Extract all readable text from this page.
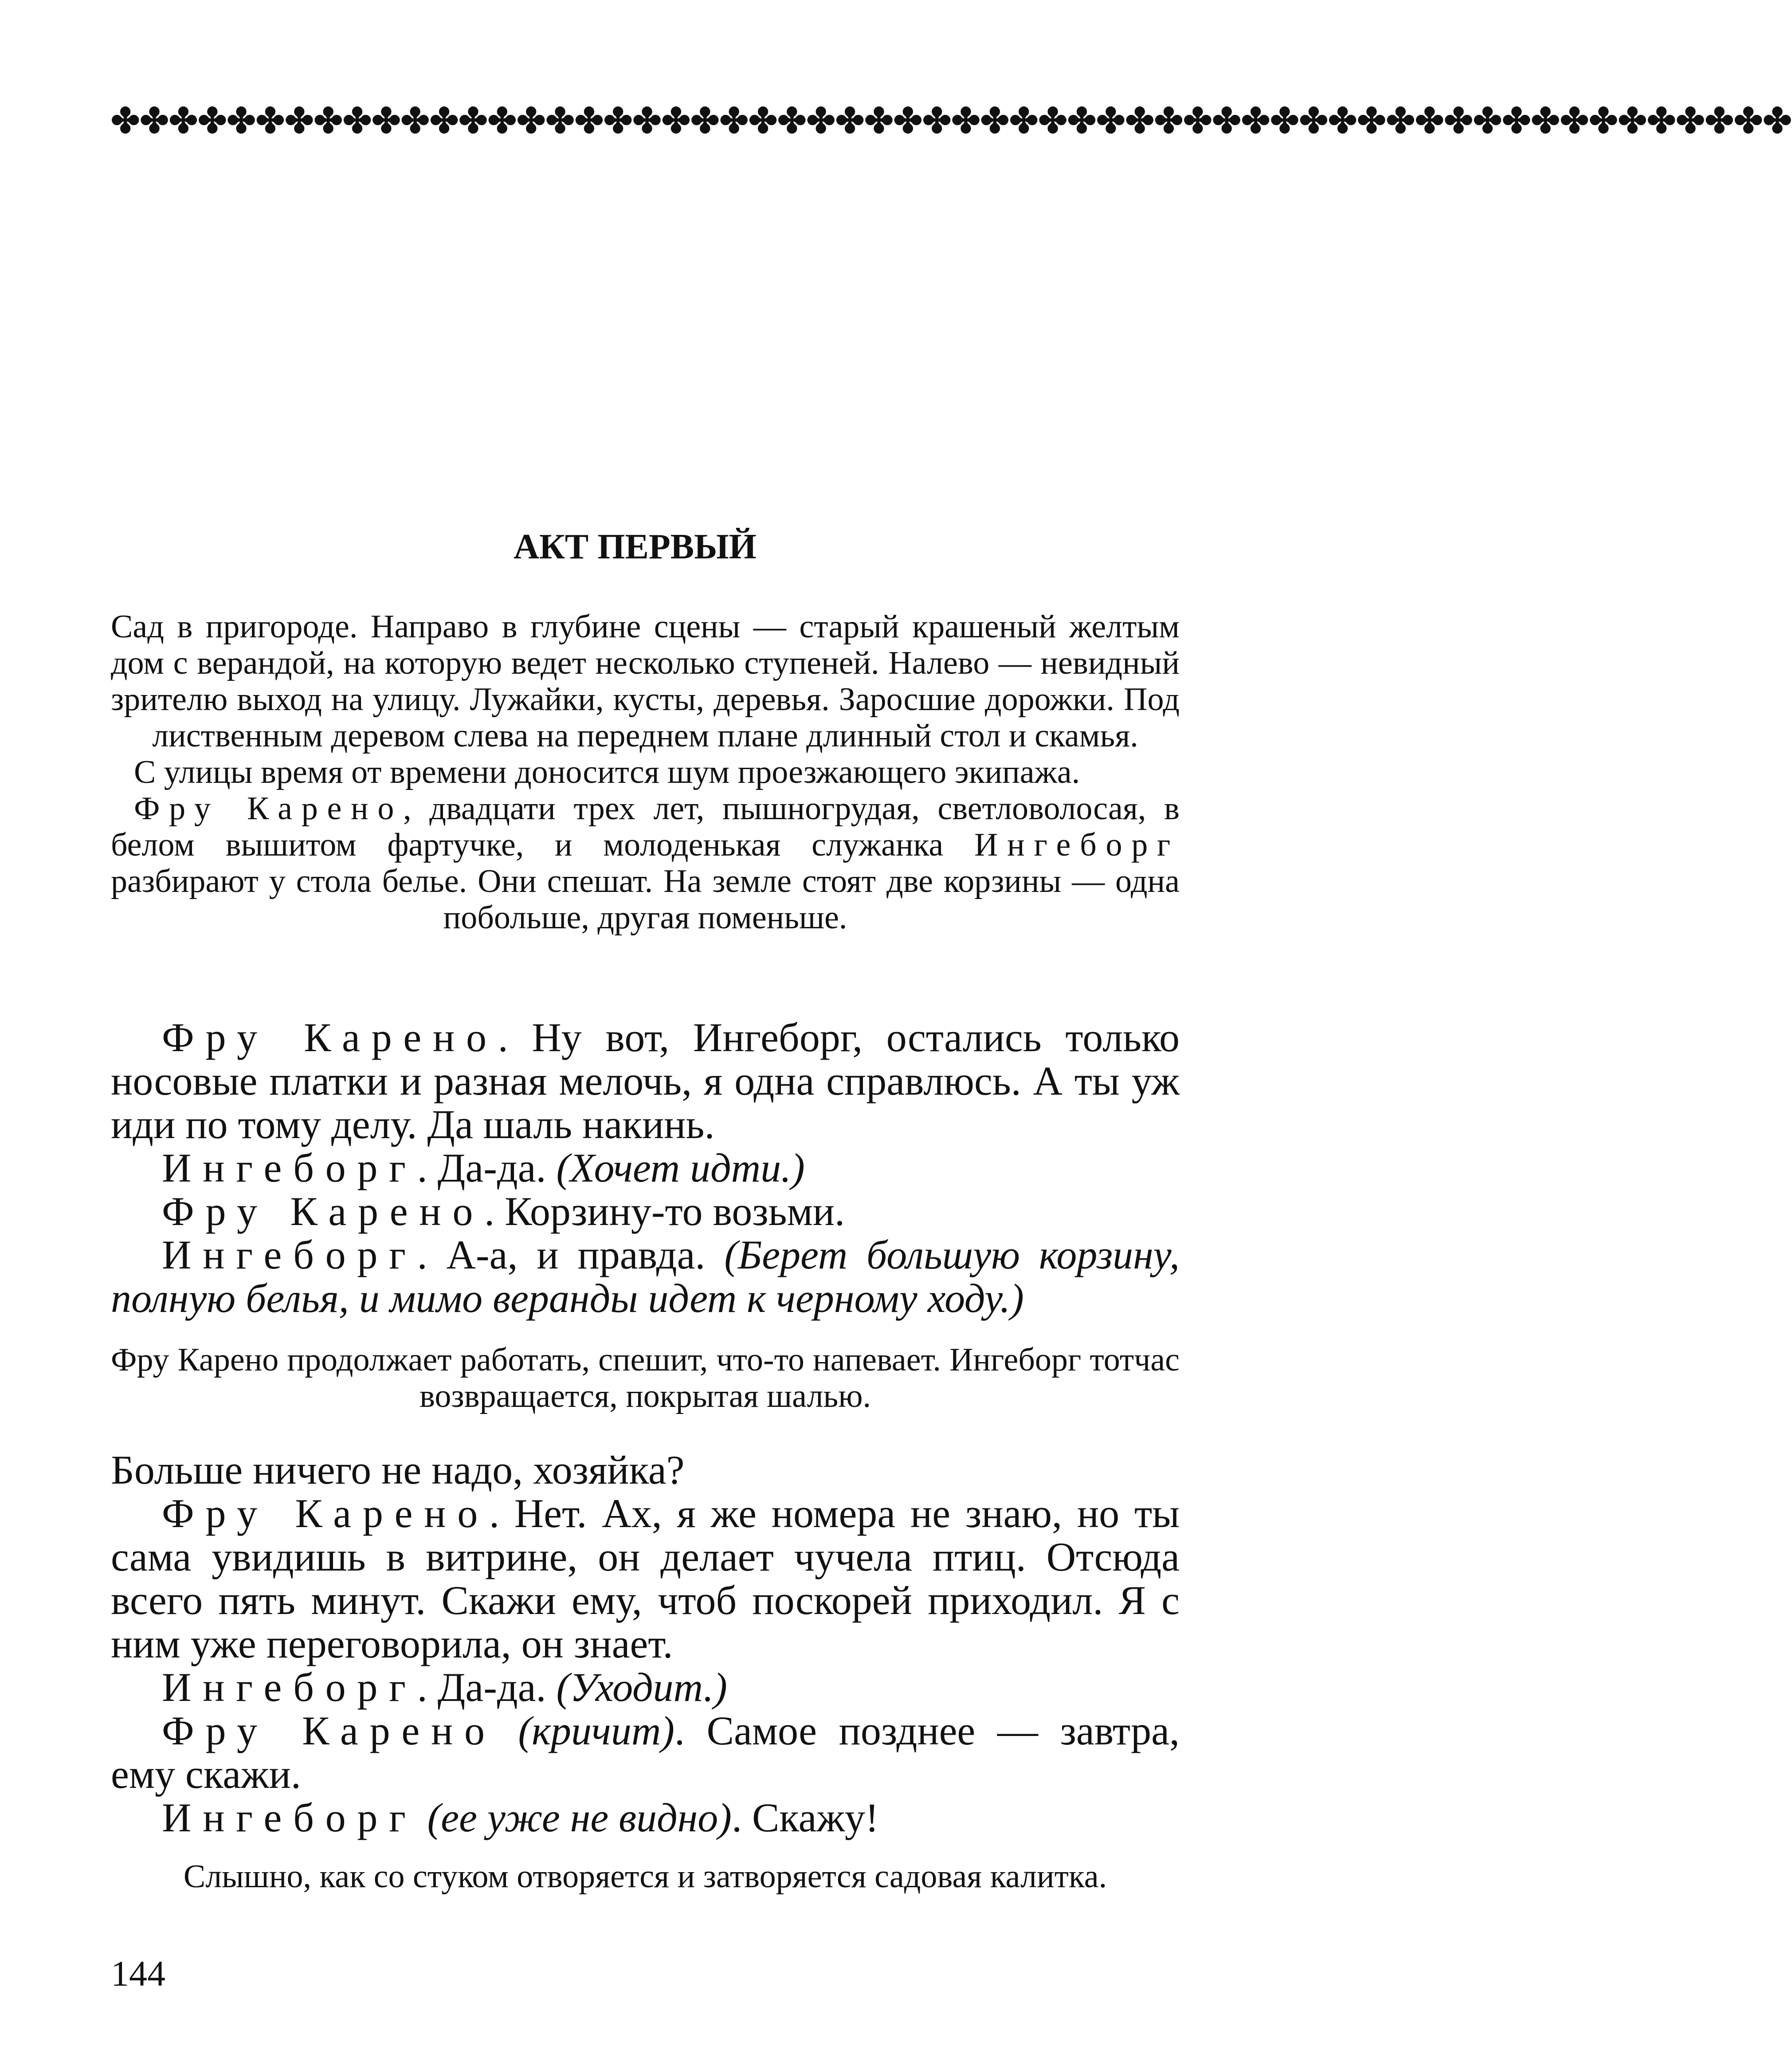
✤✤✤✤✤✤✤✤✤✤✤✤✤✤✤✤✤✤✤✤✤✤✤✤✤✤✤✤✤✤✤✤✤✤✤✤✤✤✤✤✤✤✤✤✤✤✤✤✤✤✤✤✤✤✤✤✤✤
АКТ ПЕРВЫЙ

Сад в пригороде. Направо в глубине сцены — старый крашеный желтым дом с верандой, на которую ведет несколько ступеней. Налево — невидный зрителю выход на улицу. Лужайки, кусты, деревья. Заросшие дорожки. Под лиственным деревом слева на переднем плане длинный стол и скамья.

С улицы время от времени доносится шум проезжающего экипажа.

Фру Карено, двадцати трех лет, пышногрудая, светловолосая, в белом вышитом фартучке, и молоденькая служанка Ингеборг разбирают у стола белье. Они спешат. На земле стоят две корзины — одна побольше, другая поменьше.

Фру Карено. Ну вот, Ингеборг, остались только носовые платки и разная мелочь, я одна справлюсь. А ты уж иди по тому делу. Да шаль накинь.

Ингеборг. Да-да. (Хочет идти.)

Фру Карено. Корзину-то возьми.

Ингеборг. А-а, и правда. (Берет большую корзину, полную белья, и мимо веранды идет к черному ходу.)

Фру Карено продолжает работать, спешит, что-то напевает. Ингеборг тотчас возвращается, покрытая шалью.

Больше ничего не надо, хозяйка?

Фру Карено. Нет. Ах, я же номера не знаю, но ты сама увидишь в витрине, он делает чучела птиц. Отсюда всего пять минут. Скажи ему, чтоб поскорей приходил. Я с ним уже переговорила, он знает.

Ингеборг. Да-да. (Уходит.)

Фру Карено (кричит). Самое позднее — завтра, ему скажи.

Ингеборг (ее уже не видно). Скажу!

Слышно, как со стуком отворяется и затворяется садовая калитка.

144
